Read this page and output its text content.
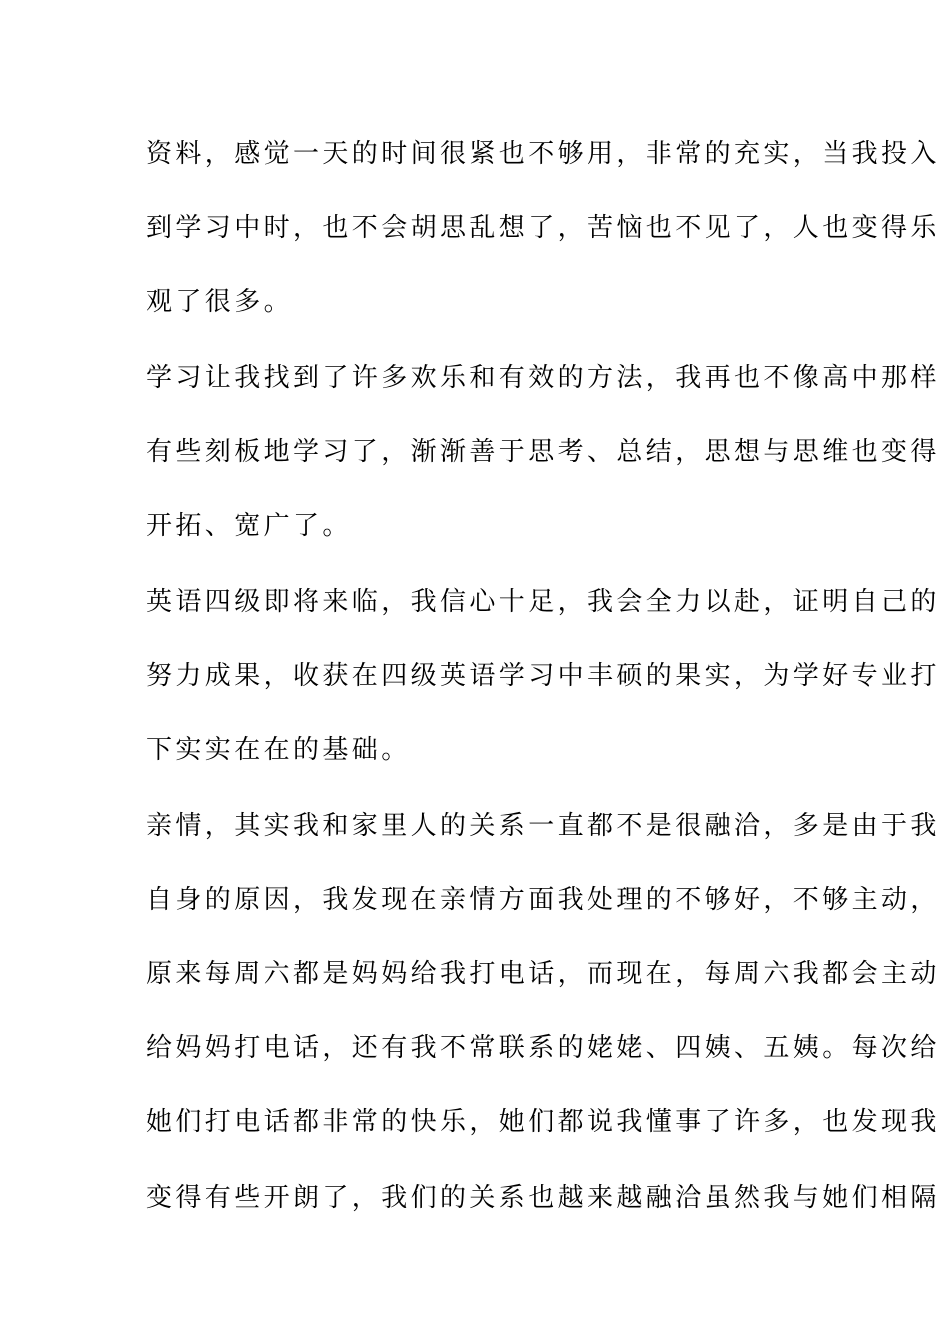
资料，感觉一天的时间很紧也不够用，非常的充实，当我投入
到学习中时，也不会胡思乱想了，苦恼也不见了，人也变得乐
观了很多。
学习让我找到了许多欢乐和有效的方法，我再也不像高中那样
有些刻板地学习了，渐渐善于思考、总结，思想与思维也变得
开拓、宽广了。
英语四级即将来临，我信心十足，我会全力以赴，证明自己的
努力成果，收获在四级英语学习中丰硕的果实，为学好专业打
下实实在在的基础。
亲情，其实我和家里人的关系一直都不是很融洽，多是由于我
自身的原因，我发现在亲情方面我处理的不够好，不够主动，
原来每周六都是妈妈给我打电话，而现在，每周六我都会主动
给妈妈打电话，还有我不常联系的姥姥、四姨、五姨。每次给
她们打电话都非常的快乐，她们都说我懂事了许多，也发现我
变得有些开朗了，我们的关系也越来越融洽虽然我与她们相隔
